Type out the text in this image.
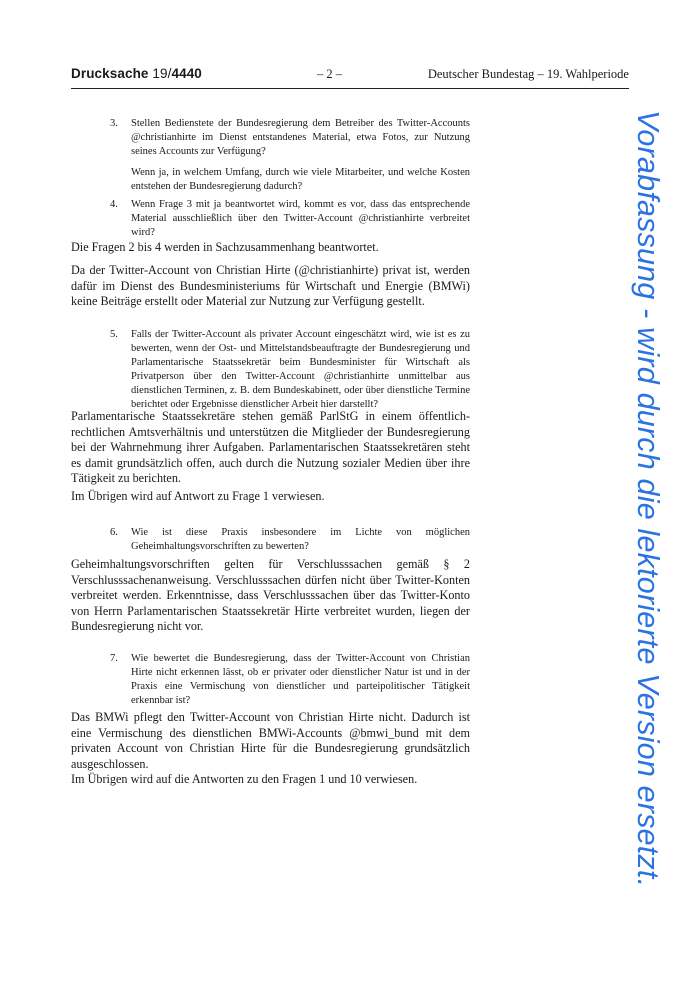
Drucksache 19/4440	– 2 –	Deutscher Bundestag – 19. Wahlperiode
3. Stellen Bedienstete der Bundesregierung dem Betreiber des Twitter-Accounts @christianhirte im Dienst entstandenes Material, etwa Fotos, zur Nutzung seines Accounts zur Verfügung?

Wenn ja, in welchem Umfang, durch wie viele Mitarbeiter, und welche Kosten entstehen der Bundesregierung dadurch?

4. Wenn Frage 3 mit ja beantwortet wird, kommt es vor, dass das entsprechende Material ausschließlich über den Twitter-Account @christianhirte verbreitet wird?

Die Fragen 2 bis 4 werden in Sachzusammenhang beantwortet.

Da der Twitter-Account von Christian Hirte (@christianhirte) privat ist, werden dafür im Dienst des Bundesministeriums für Wirtschaft und Energie (BMWi) keine Beiträge erstellt oder Material zur Nutzung zur Verfügung gestellt.

5. Falls der Twitter-Account als privater Account eingeschätzt wird, wie ist es zu bewerten, wenn der Ost- und Mittelstandsbeauftragte der Bundesregierung und Parlamentarische Staatssekretär beim Bundesminister für Wirtschaft als Privatperson über den Twitter-Account @christianhirte unmittelbar aus dienstlichen Terminen, z. B. dem Bundeskabinett, oder über dienstliche Termine berichtet oder Ergebnisse dienstlicher Arbeit hier darstellt?

Parlamentarische Staatssekretäre stehen gemäß ParlStG in einem öffentlich-rechtlichen Amtsverhältnis und unterstützen die Mitglieder der Bundesregierung bei der Wahrnehmung ihrer Aufgaben. Parlamentarischen Staatssekretären steht es damit grundsätzlich offen, auch durch die Nutzung sozialer Medien über ihre Tätigkeit zu berichten.

Im Übrigen wird auf Antwort zu Frage 1 verwiesen.

6. Wie ist diese Praxis insbesondere im Lichte von möglichen Geheimhaltungsvorschriften zu bewerten?

Geheimhaltungsvorschriften gelten für Verschlusssachen gemäß § 2 Verschlusssachenanweisung. Verschlusssachen dürfen nicht über Twitter-Konten verbreitet werden. Erkenntnisse, dass Verschlusssachen über das Twitter-Konto von Herrn Parlamentarischen Staatssekretär Hirte verbreitet wurden, liegen der Bundesregierung nicht vor.

7. Wie bewertet die Bundesregierung, dass der Twitter-Account von Christian Hirte nicht erkennen lässt, ob er privater oder dienstlicher Natur ist und in der Praxis eine Vermischung von dienstlicher und parteipolitischer Tätigkeit erkennbar ist?

Das BMWi pflegt den Twitter-Account von Christian Hirte nicht. Dadurch ist eine Vermischung des dienstlichen BMWi-Accounts @bmwi_bund mit dem privaten Account von Christian Hirte für die Bundesregierung grundsätzlich ausgeschlossen.

Im Übrigen wird auf die Antworten zu den Fragen 1 und 10 verwiesen.	Vorabfassung - wird durch die lektorierte Version ersetzt.
